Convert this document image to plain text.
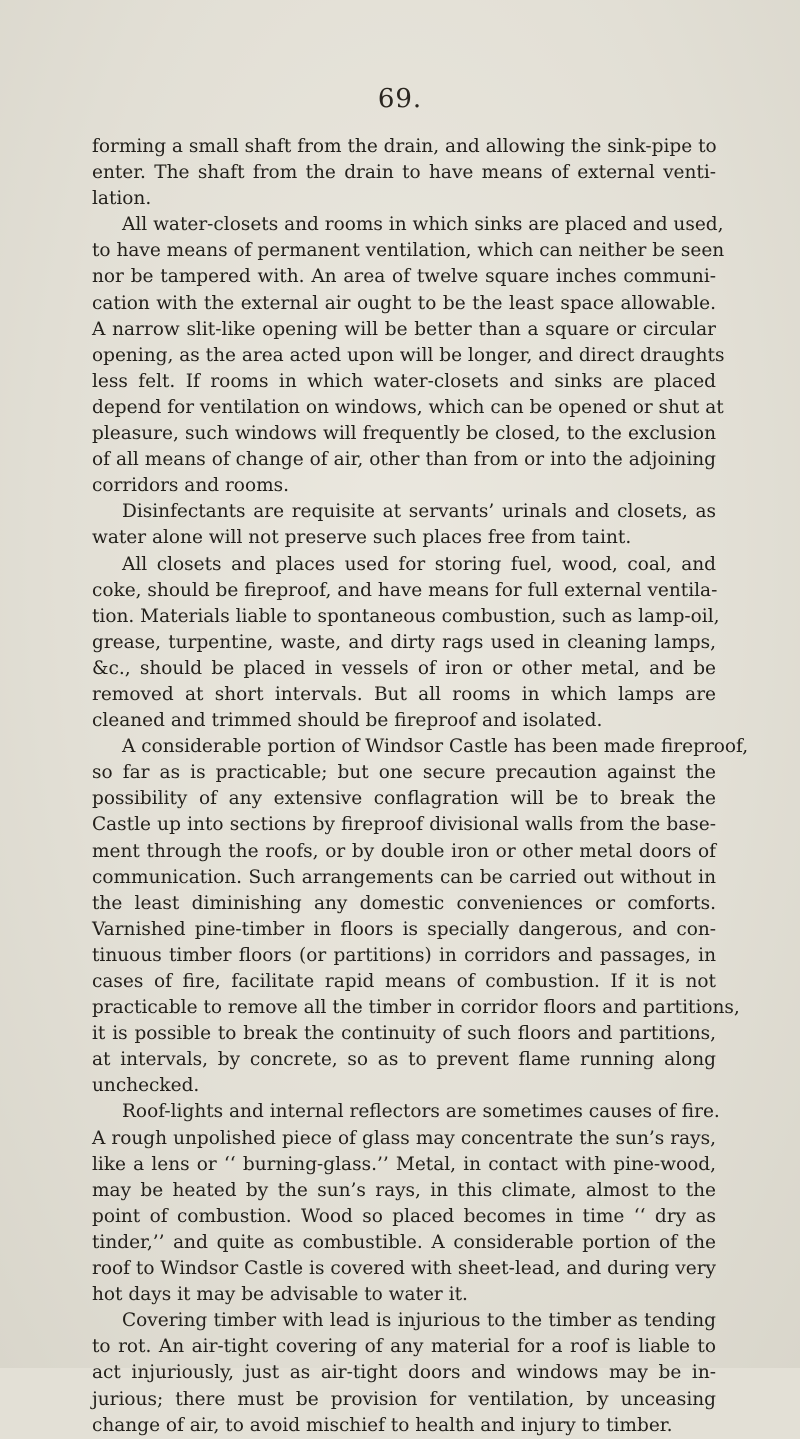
69.
forming a small shaft from the drain, and allowing the sink-pipe to
enter. The shaft from the drain to have means of external venti-
lation.
All water-closets and rooms in which sinks are placed and used,
to have means of permanent ventilation, which can neither be seen
nor be tampered with. An area of twelve square inches communi-
cation with the external air ought to be the least space allowable.
A narrow slit-like opening will be better than a square or circular
opening, as the area acted upon will be longer, and direct draughts
less felt. If rooms in which water-closets and sinks are placed
depend for ventilation on windows, which can be opened or shut at
pleasure, such windows will frequently be closed, to the exclusion
of all means of change of air, other than from or into the adjoining
corridors and rooms.
Disinfectants are requisite at servants’ urinals and closets, as
water alone will not preserve such places free from taint.
All closets and places used for storing fuel, wood, coal, and
coke, should be fireproof, and have means for full external ventila-
tion. Materials liable to spontaneous combustion, such as lamp-oil,
grease, turpentine, waste, and dirty rags used in cleaning lamps,
&c., should be placed in vessels of iron or other metal, and be
removed at short intervals. But all rooms in which lamps are
cleaned and trimmed should be fireproof and isolated.
A considerable portion of Windsor Castle has been made fireproof,
so far as is practicable; but one secure precaution against the
possibility of any extensive conflagration will be to break the
Castle up into sections by fireproof divisional walls from the base-
ment through the roofs, or by double iron or other metal doors of
communication. Such arrangements can be carried out without in
the least diminishing any domestic conveniences or comforts.
Varnished pine-timber in floors is specially dangerous, and con-
tinuous timber floors (or partitions) in corridors and passages, in
cases of fire, facilitate rapid means of combustion. If it is not
practicable to remove all the timber in corridor floors and partitions,
it is possible to break the continuity of such floors and partitions,
at intervals, by concrete, so as to prevent flame running along
unchecked.
Roof-lights and internal reflectors are sometimes causes of fire.
A rough unpolished piece of glass may concentrate the sun’s rays,
like a lens or ‘‘ burning-glass.’’ Metal, in contact with pine-wood,
may be heated by the sun’s rays, in this climate, almost to the
point of combustion. Wood so placed becomes in time ‘‘ dry as
tinder,’’ and quite as combustible. A considerable portion of the
roof to Windsor Castle is covered with sheet-lead, and during very
hot days it may be advisable to water it.
Covering timber with lead is injurious to the timber as tending
to rot. An air-tight covering of any material for a roof is liable to
act injuriously, just as air-tight doors and windows may be in-
jurious; there must be provision for ventilation, by unceasing
change of air, to avoid mischief to health and injury to timber.
